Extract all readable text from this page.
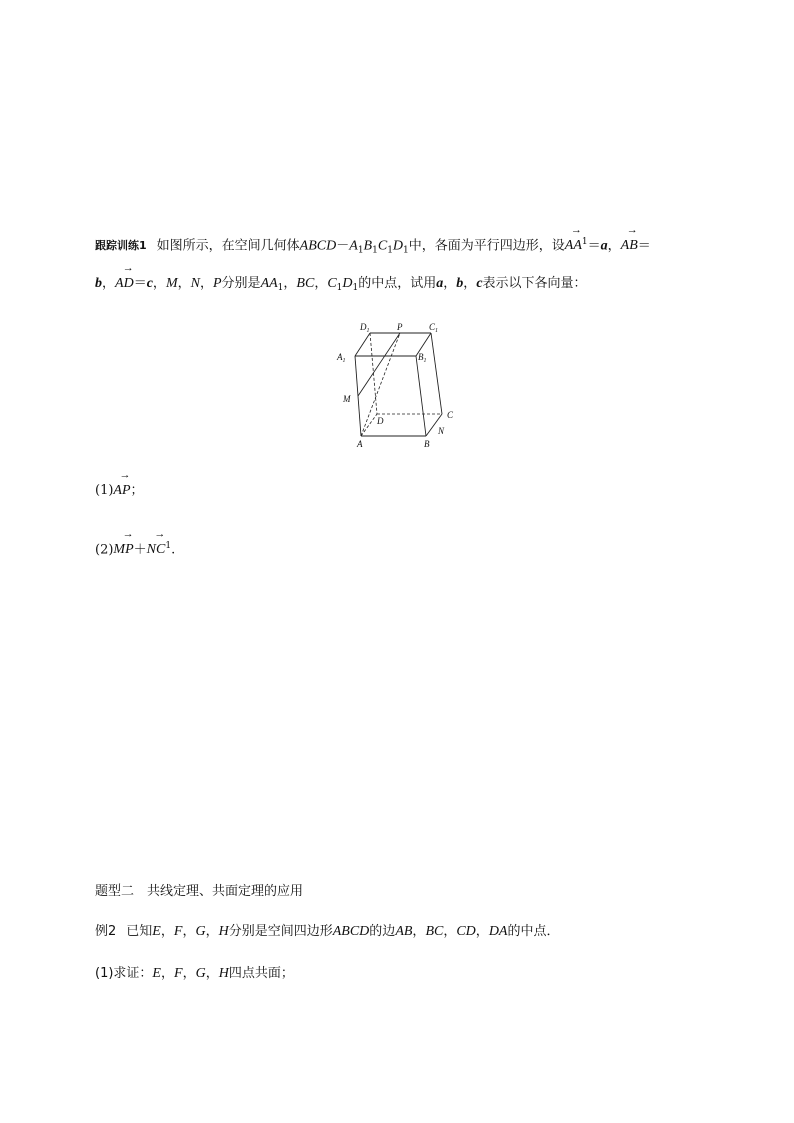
跟踪训练1 如图所示，在空间几何体$ABCD-A_1B_1C_1D_1$中，各面为平行四边形，设→ $AA^1=a$，→ AB＝
b，→ AD＝c，M，N，P分别是$AA_1$，BC，$C_1D_1$的中点，试用a，b，c表示以下各向量：
$D_1$	P	$C_1$
$A_1$	$B_1$
M
D
C
N
A	B
(1)→ AP；
$(2)\to MP+\to NC^1$.
题型二　共线定理、共面定理的应用
例2 已知E，F，G，H分别是空间四边形ABCD的边AB，BC，CD，DA的中点．
(1)求证：E，F，G，H四点共面；
